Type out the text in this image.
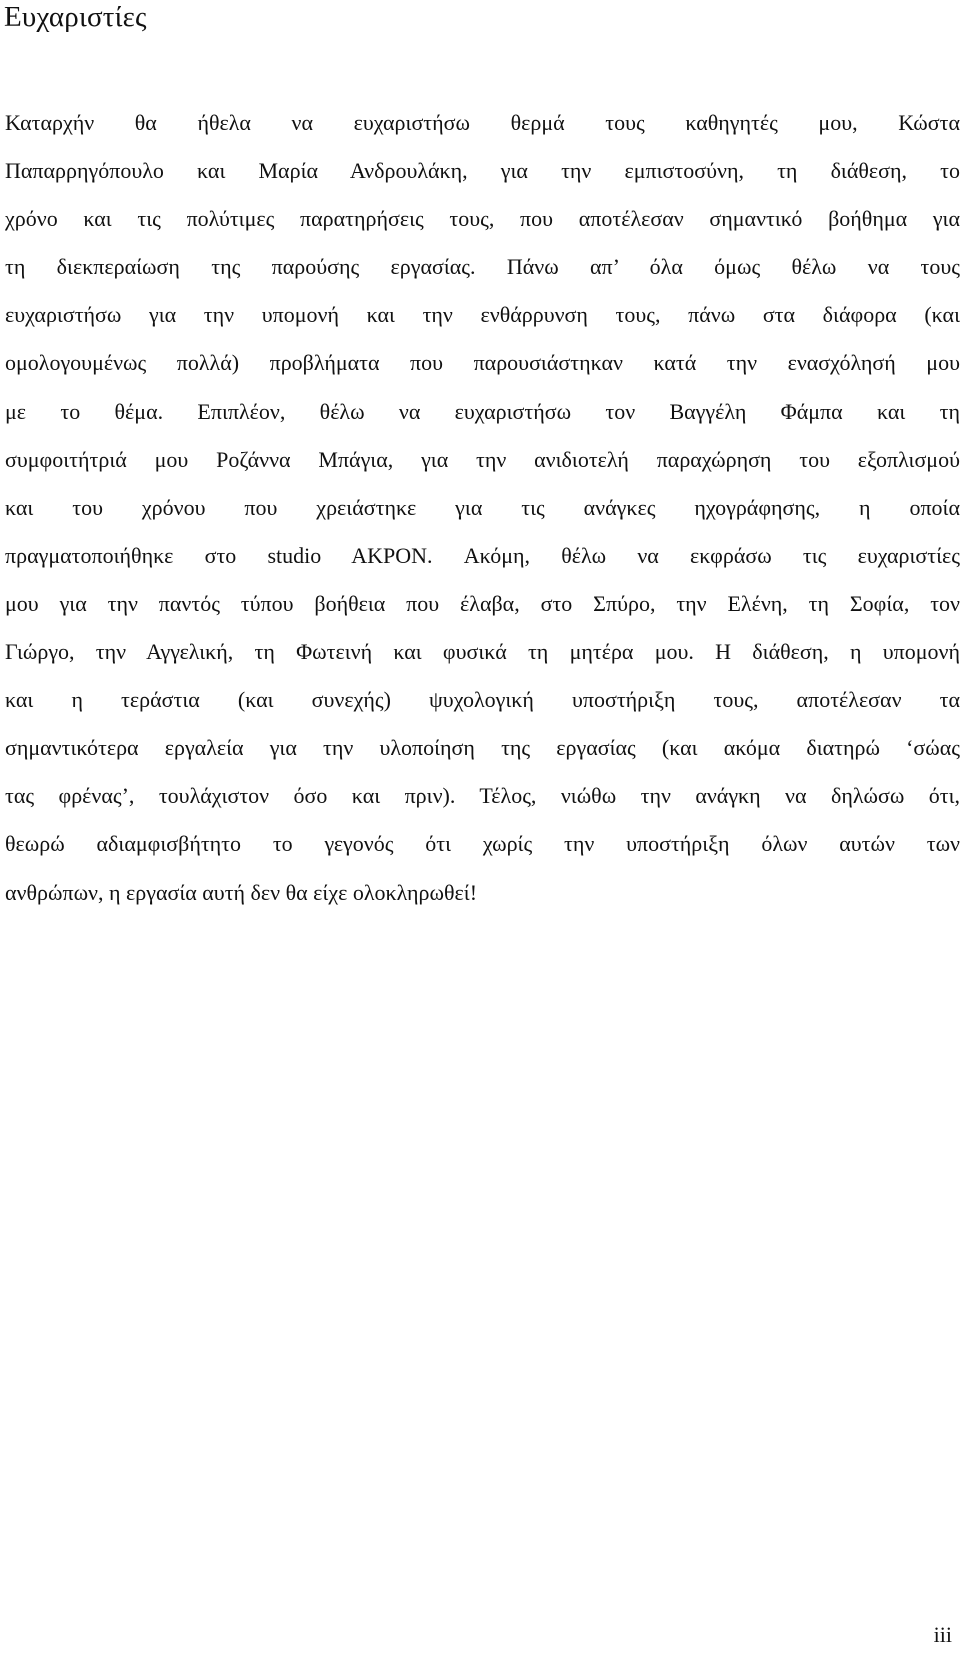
Ευχαριστίες
Καταρχήν θα ήθελα να ευχαριστήσω θερμά τους καθηγητές μου, Κώστα
Παπαρρηγόπουλο και Μαρία Ανδρουλάκη, για την εμπιστοσύνη, τη διάθεση, το
χρόνο και τις πολύτιμες παρατηρήσεις τους, που αποτέλεσαν σημαντικό βοήθημα για
τη διεκπεραίωση της παρούσης εργασίας. Πάνω απ’ όλα όμως θέλω να τους
ευχαριστήσω για την υπομονή και την ενθάρρυνση τους, πάνω στα διάφορα (και
ομολογουμένως πολλά) προβλήματα που παρουσιάστηκαν κατά την ενασχόλησή μου
με το θέμα. Επιπλέον, θέλω να ευχαριστήσω τον Βαγγέλη Φάμπα και τη
συμφοιτήτριά μου Ροζάννα Μπάγια, για την ανιδιοτελή παραχώρηση του εξοπλισμού
και του χρόνου που χρειάστηκε για τις ανάγκες ηχογράφησης, η οποία
πραγματοποιήθηκε στο studio AKPON. Ακόμη, θέλω να εκφράσω τις ευχαριστίες
μου για την παντός τύπου βοήθεια που έλαβα, στο Σπύρο, την Ελένη, τη Σοφία, τον
Γιώργο, την Αγγελική, τη Φωτεινή και φυσικά τη μητέρα μου. Η διάθεση, η υπομονή
και η τεράστια (και συνεχής) ψυχολογική υποστήριξη τους, αποτέλεσαν τα
σημαντικότερα εργαλεία για την υλοποίηση της εργασίας (και ακόμα διατηρώ ‘σώας
τας φρένας’, τουλάχιστον όσο και πριν). Τέλος, νιώθω την ανάγκη να δηλώσω ότι,
θεωρώ αδιαμφισβήτητο το γεγονός ότι χωρίς την υποστήριξη όλων αυτών των
ανθρώπων, η εργασία αυτή δεν θα είχε ολοκληρωθεί!
iii
